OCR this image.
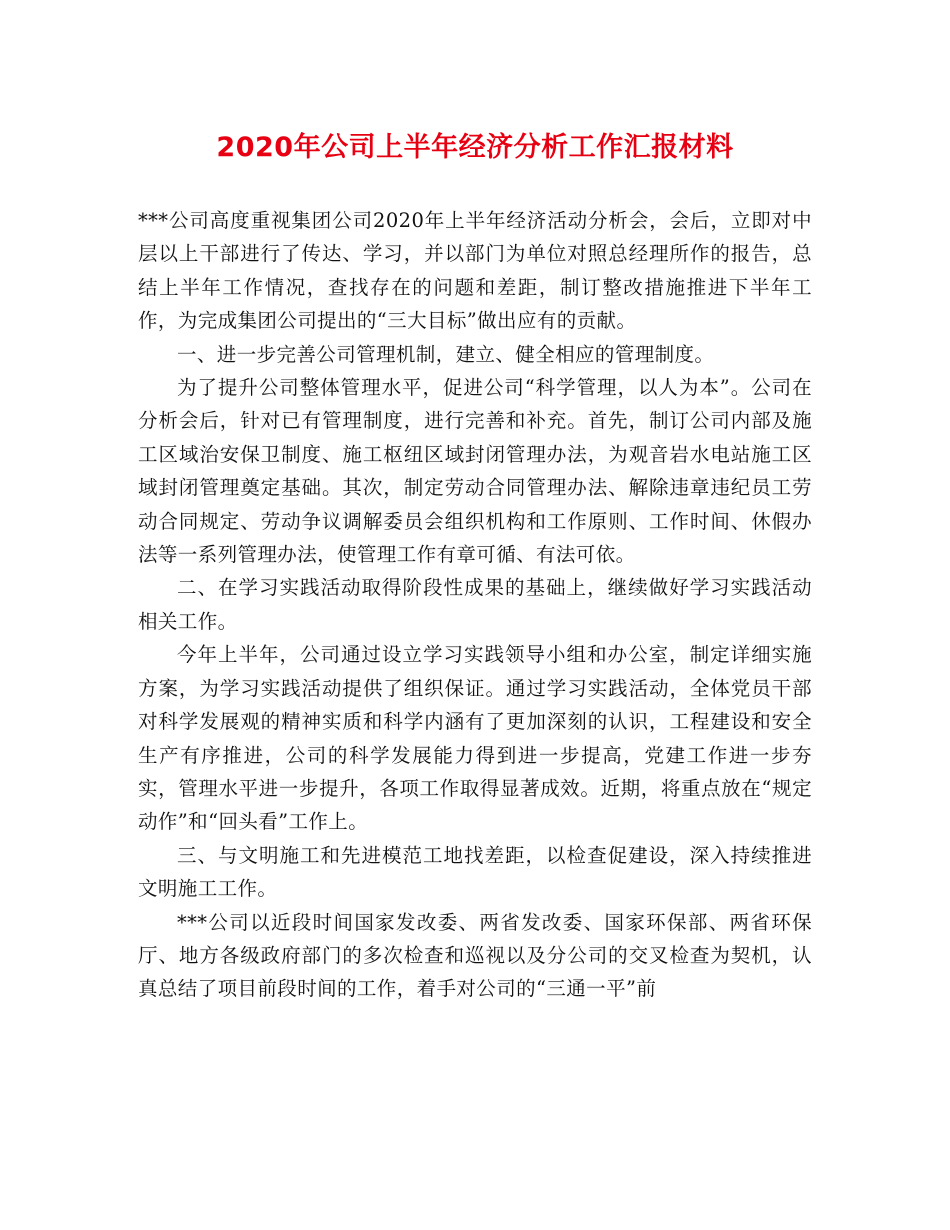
2020年公司上半年经济分析工作汇报材料

***公司高度重视集团公司2020年上半年经济活动分析会，会后，立即对中层以上干部进行了传达、学习，并以部门为单位对照总经理所作的报告，总结上半年工作情况，查找存在的问题和差距，制订整改措施推进下半年工作，为完成集团公司提出的“三大目标”做出应有的贡献。

一、进一步完善公司管理机制，建立、健全相应的管理制度。

为了提升公司整体管理水平，促进公司“科学管理，以人为本”。公司在分析会后，针对已有管理制度，进行完善和补充。首先，制订公司内部及施工区域治安保卫制度、施工枢纽区域封闭管理办法，为观音岩水电站施工区域封闭管理奠定基础。其次，制定劳动合同管理办法、解除违章违纪员工劳动合同规定、劳动争议调解委员会组织机构和工作原则、工作时间、休假办法等一系列管理办法，使管理工作有章可循、有法可依。

二、在学习实践活动取得阶段性成果的基础上，继续做好学习实践活动相关工作。

今年上半年，公司通过设立学习实践领导小组和办公室，制定详细实施方案，为学习实践活动提供了组织保证。通过学习实践活动，全体党员干部对科学发展观的精神实质和科学内涵有了更加深刻的认识，工程建设和安全生产有序推进，公司的科学发展能力得到进一步提高，党建工作进一步夯实，管理水平进一步提升，各项工作取得显著成效。近期，将重点放在“规定动作”和“回头看”工作上。

三、与文明施工和先进模范工地找差距，以检查促建设，深入持续推进文明施工工作。

***公司以近段时间国家发改委、两省发改委、国家环保部、两省环保厅、地方各级政府部门的多次检查和巡视以及分公司的交叉检查为契机，认真总结了项目前段时间的工作，着手对公司的“三通一平”前
